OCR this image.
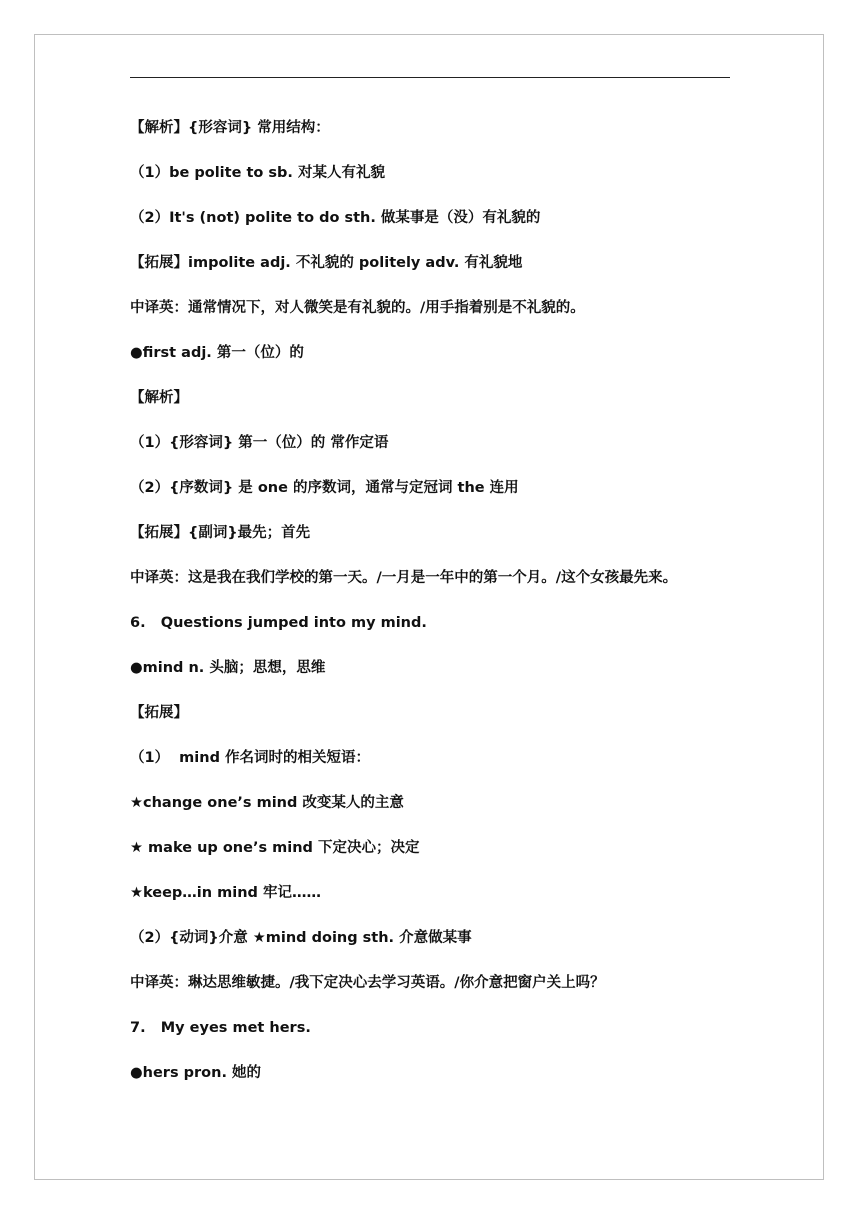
【解析】{形容词} 常用结构：
（1）be polite to sb. 对某人有礼貌
（2）It's (not) polite to do sth. 做某事是（没）有礼貌的
【拓展】impolite adj. 不礼貌的 politely adv. 有礼貌地
中译英：通常情况下，对人微笑是有礼貌的。/用手指着别是不礼貌的。
●first adj. 第一（位）的
【解析】
（1）{形容词} 第一（位）的 常作定语
（2）{序数词} 是 one 的序数词，通常与定冠词 the 连用
【拓展】{副词}最先；首先
中译英：这是我在我们学校的第一天。/一月是一年中的第一个月。/这个女孩最先来。
6.   Questions jumped into my mind.
●mind n. 头脑；思想，思维
【拓展】
（1）  mind 作名词时的相关短语：
★change one’s mind 改变某人的主意
★ make up one’s mind 下定决心；决定
★keep…in mind 牢记……
（2）{动词}介意 ★mind doing sth. 介意做某事
中译英：琳达思维敏捷。/我下定决心去学习英语。/你介意把窗户关上吗？
7.   My eyes met hers.
●hers pron. 她的
